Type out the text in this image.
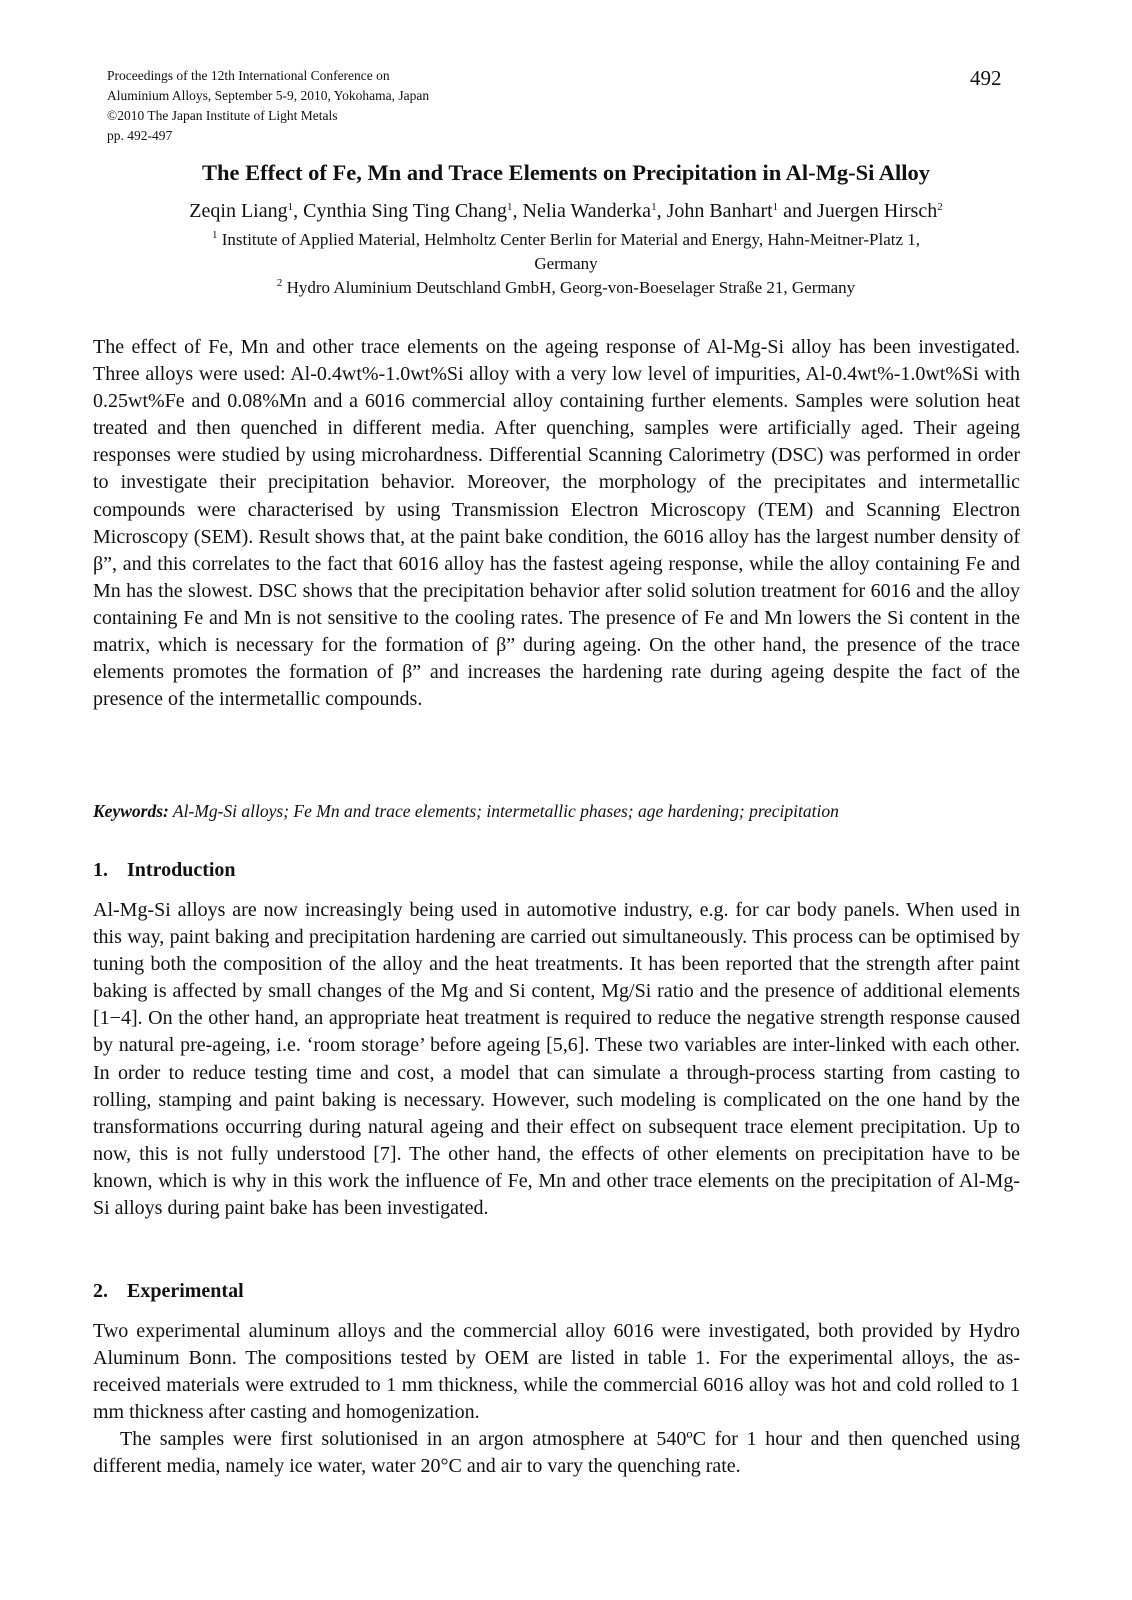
Proceedings of the 12th International Conference on
Aluminium Alloys, September 5-9, 2010, Yokohama, Japan
©2010 The Japan Institute of Light Metals
pp. 492-497
492
The Effect of Fe, Mn and Trace Elements on Precipitation in Al-Mg-Si Alloy
Zeqin Liang$^1$, Cynthia Sing Ting Chang$^1$, Nelia Wanderka$^1$, John Banhart$^1$ and Juergen Hirsch$^2$
$^1$ Institute of Applied Material, Helmholtz Center Berlin for Material and Energy, Hahn-Meitner-Platz 1,
Germany
$^2$ Hydro Aluminium Deutschland GmbH, Georg-von-Boeselager Straße 21, Germany

The effect of Fe, Mn and other trace elements on the ageing response of Al-Mg-Si alloy has been investigated. Three alloys were used: Al-0.4wt%-1.0wt%Si alloy with a very low level of impurities, Al-0.4wt%-1.0wt%Si with 0.25wt%Fe and 0.08%Mn and a 6016 commercial alloy containing further elements. Samples were solution heat treated and then quenched in different media. After quenching, samples were artificially aged. Their ageing responses were studied by using microhardness. Differential Scanning Calorimetry (DSC) was performed in order to investigate their precipitation behavior. Moreover, the morphology of the precipitates and intermetallic compounds were characterised by using Transmission Electron Microscopy (TEM) and Scanning Electron Microscopy (SEM). Result shows that, at the paint bake condition, the 6016 alloy has the largest number density of β”, and this correlates to the fact that 6016 alloy has the fastest ageing response, while the alloy containing Fe and Mn has the slowest. DSC shows that the precipitation behavior after solid solution treatment for 6016 and the alloy containing Fe and Mn is not sensitive to the cooling rates. The presence of Fe and Mn lowers the Si content in the matrix, which is necessary for the formation of β” during ageing. On the other hand, the presence of the trace elements promotes the formation of β” and increases the hardening rate during ageing despite the fact of the presence of the intermetallic compounds.

Keywords: Al-Mg-Si alloys; Fe Mn and trace elements; intermetallic phases; age hardening; precipitation
1. Introduction

Al-Mg-Si alloys are now increasingly being used in automotive industry, e.g. for car body panels. When used in this way, paint baking and precipitation hardening are carried out simultaneously. This process can be optimised by tuning both the composition of the alloy and the heat treatments. It has been reported that the strength after paint baking is affected by small changes of the Mg and Si content, Mg/Si ratio and the presence of additional elements [1−4]. On the other hand, an appropriate heat treatment is required to reduce the negative strength response caused by natural pre-ageing, i.e. ‘room storage’ before ageing [5,6]. These two variables are inter-linked with each other. In order to reduce testing time and cost, a model that can simulate a through-process starting from casting to rolling, stamping and paint baking is necessary. However, such modeling is complicated on the one hand by the transformations occurring during natural ageing and their effect on subsequent trace element precipitation. Up to now, this is not fully understood [7]. The other hand, the effects of other elements on precipitation have to be known, which is why in this work the influence of Fe, Mn and other trace elements on the precipitation of Al-Mg-Si alloys during paint bake has been investigated.

2. Experimental

Two experimental aluminum alloys and the commercial alloy 6016 were investigated, both provided by Hydro Aluminum Bonn. The compositions tested by OEM are listed in table 1. For the experimental alloys, the as-received materials were extruded to 1 mm thickness, while the commercial 6016 alloy was hot and cold rolled to 1 mm thickness after casting and homogenization.

The samples were first solutionised in an argon atmosphere at 540ºC for 1 hour and then quenched using different media, namely ice water, water 20°C and air to vary the quenching rate.
